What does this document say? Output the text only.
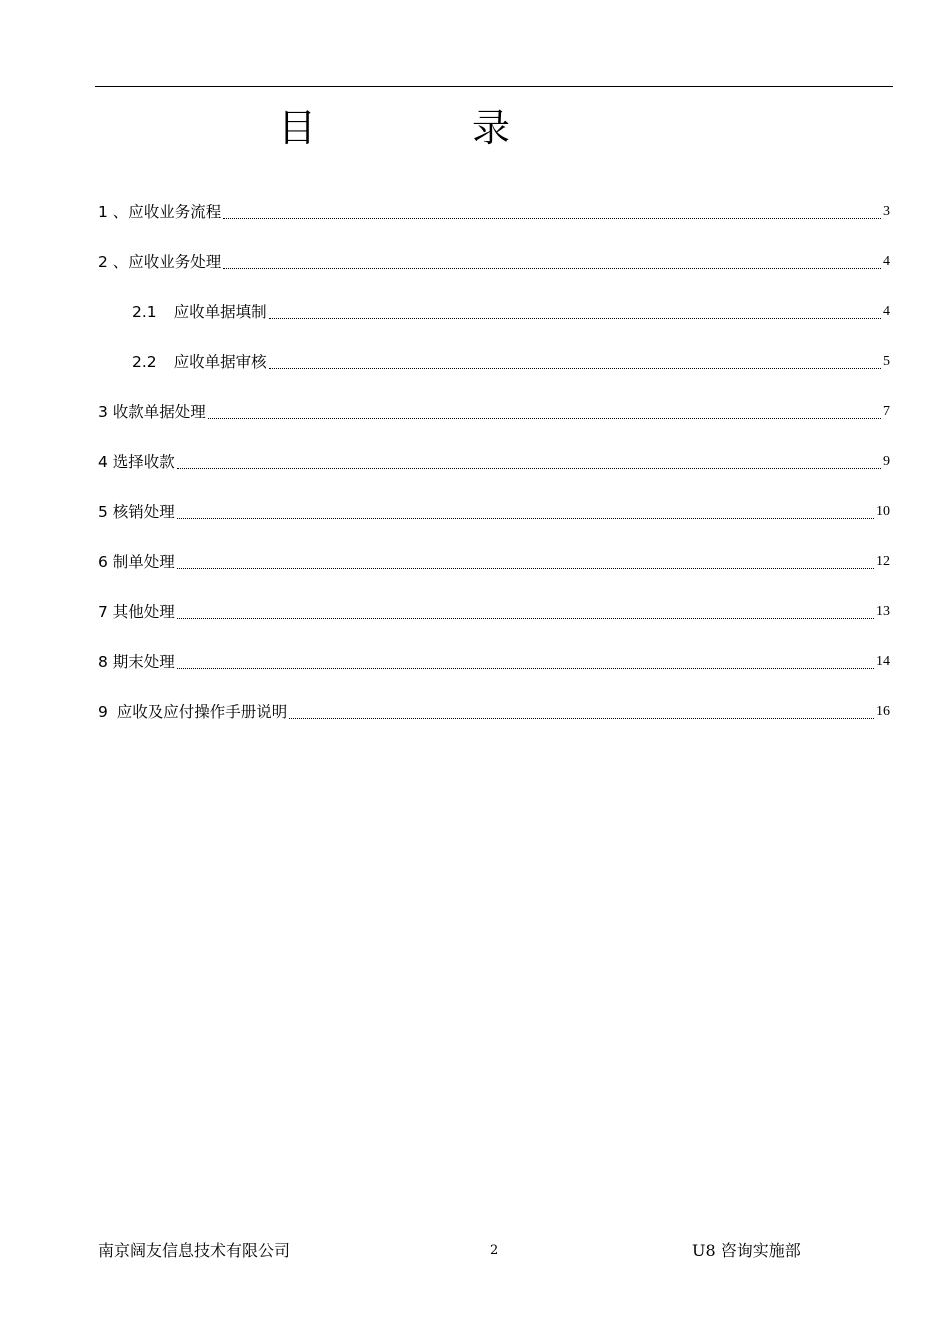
目 录
1 、 应收业务流程	3
2 、 应收业务处理	4
2.1 应收单据填制	4
2.2 应收单据审核	5
3 收款单据处理	7
4 选择收款	9
5 核销处理	10
6 制单处理	12
7 其他处理	13
8 期末处理	14
9 应收及应付操作手册说明	16
南京阔友信息技术有限公司	2	U8 咨询实施部
